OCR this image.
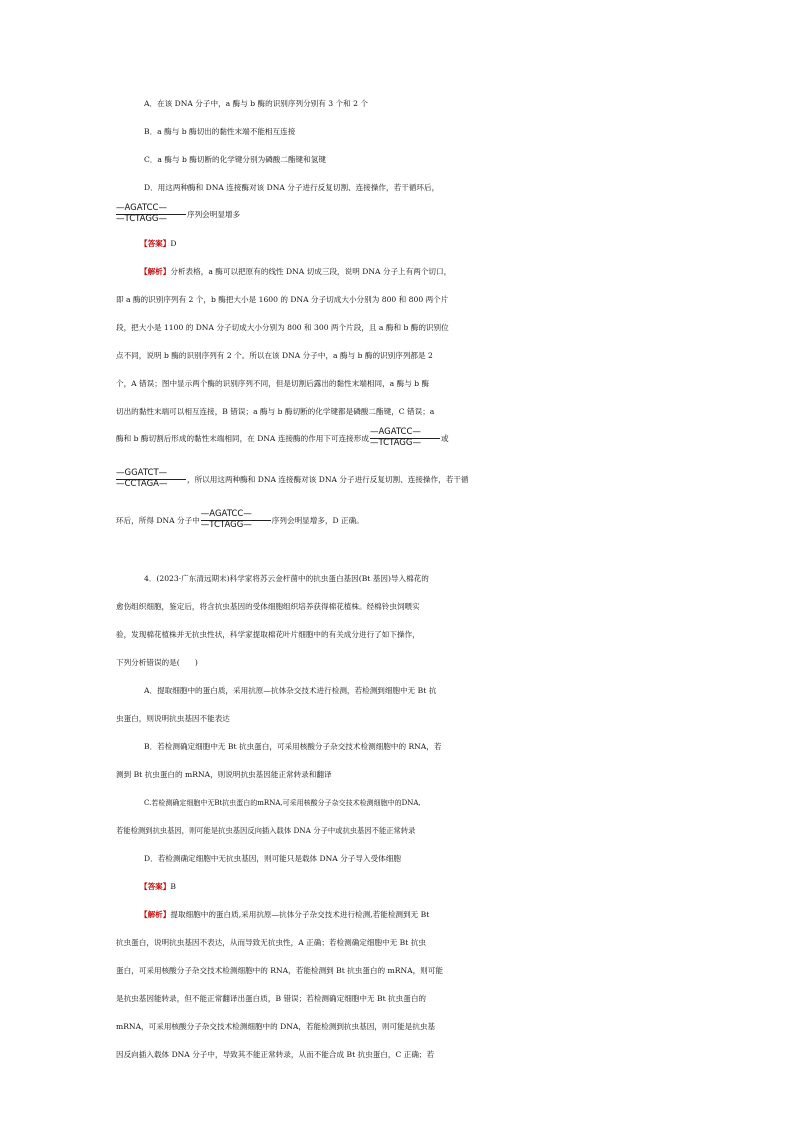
A．在该 DNA 分子中，a 酶与 b 酶的识别序列分别有 3 个和 2 个
B．a 酶与 b 酶切出的黏性末端不能相互连接
C．a 酶与 b 酶切断的化学键分别为磷酸二酯键和氢键
D．用这两种酶和 DNA 连接酶对该 DNA 分子进行反复切割、连接操作，若干循环后，
—AGATCC—
—TCTAGG—	序列会明显增多
【答案】D
【解析】分析表格，a 酶可以把原有的线性 DNA 切成三段，说明 DNA 分子上有两个切口，
即 a 酶的识别序列有 2 个，b 酶把大小是 1600 的 DNA 分子切成大小分别为 800 和 800 两个片
段，把大小是 1100 的 DNA 分子切成大小分别为 800 和 300 两个片段，且 a 酶和 b 酶的识别位
点不同，说明 b 酶的识别序列有 2 个。所以在该 DNA 分子中，a 酶与 b 酶的识别序列都是 2
个，A 错误；图中显示两个酶的识别序列不同，但是切割后露出的黏性末端相同，a 酶与 b 酶
切出的黏性末端可以相互连接，B 错误；a 酶与 b 酶切断的化学键都是磷酸二酯键，C 错误；a
酶和 b 酶切割后形成的黏性末端相同，在 DNA 连接酶的作用下可连接形成
—AGATCC—
—TCTAGG—	或
—GGATCT—
—CCTAGA—	，所以用这两种酶和 DNA 连接酶对该 DNA 分子进行反复切割、连接操作，若干循
环后，所得 DNA 分子中
—AGATCC—
—TCTAGG—	序列会明显增多，D 正确。
4．(2023·广东清远期末)科学家将苏云金杆菌中的抗虫蛋白基因(Bt 基因)导入棉花的
愈伤组织细胞，鉴定后，将含抗虫基因的受体细胞组织培养获得棉花植株。经棉铃虫饲喂实
验，发现棉花植株并无抗虫性状，科学家提取棉花叶片细胞中的有关成分进行了如下操作，
下列分析错误的是(　　)
A．提取细胞中的蛋白质，采用抗原—抗体杂交技术进行检测，若检测到细胞中无 Bt 抗
虫蛋白，则说明抗虫基因不能表达
B．若检测确定细胞中无 Bt 抗虫蛋白，可采用核酸分子杂交技术检测细胞中的 RNA，若
测到 Bt 抗虫蛋白的 mRNA，则说明抗虫基因能正常转录和翻译
C.若检测确定细胞中无Bt抗虫蛋白的mRNA,可采用核酸分子杂交技术检测细胞中的DNA,
若能检测到抗虫基因，则可能是抗虫基因反向插入载体 DNA 分子中或抗虫基因不能正常转录
D．若检测确定细胞中无抗虫基因，则可能只是载体 DNA 分子导入受体细胞
【答案】B
【解析】提取细胞中的蛋白质,采用抗原—抗体分子杂交技术进行检测,若能检测到无 Bt
抗虫蛋白，说明抗虫基因不表达，从而导致无抗虫性，A 正确；若检测确定细胞中无 Bt 抗虫
蛋白，可采用核酸分子杂交技术检测细胞中的 RNA，若能检测到 Bt 抗虫蛋白的 mRNA，则可能
是抗虫基因能转录，但不能正常翻译出蛋白质，B 错误；若检测确定细胞中无 Bt 抗虫蛋白的
mRNA，可采用核酸分子杂交技术检测细胞中的 DNA，若能检测到抗虫基因，则可能是抗虫基
因反向插入载体 DNA 分子中，导致其不能正常转录，从而不能合成 Bt 抗虫蛋白，C 正确；若
